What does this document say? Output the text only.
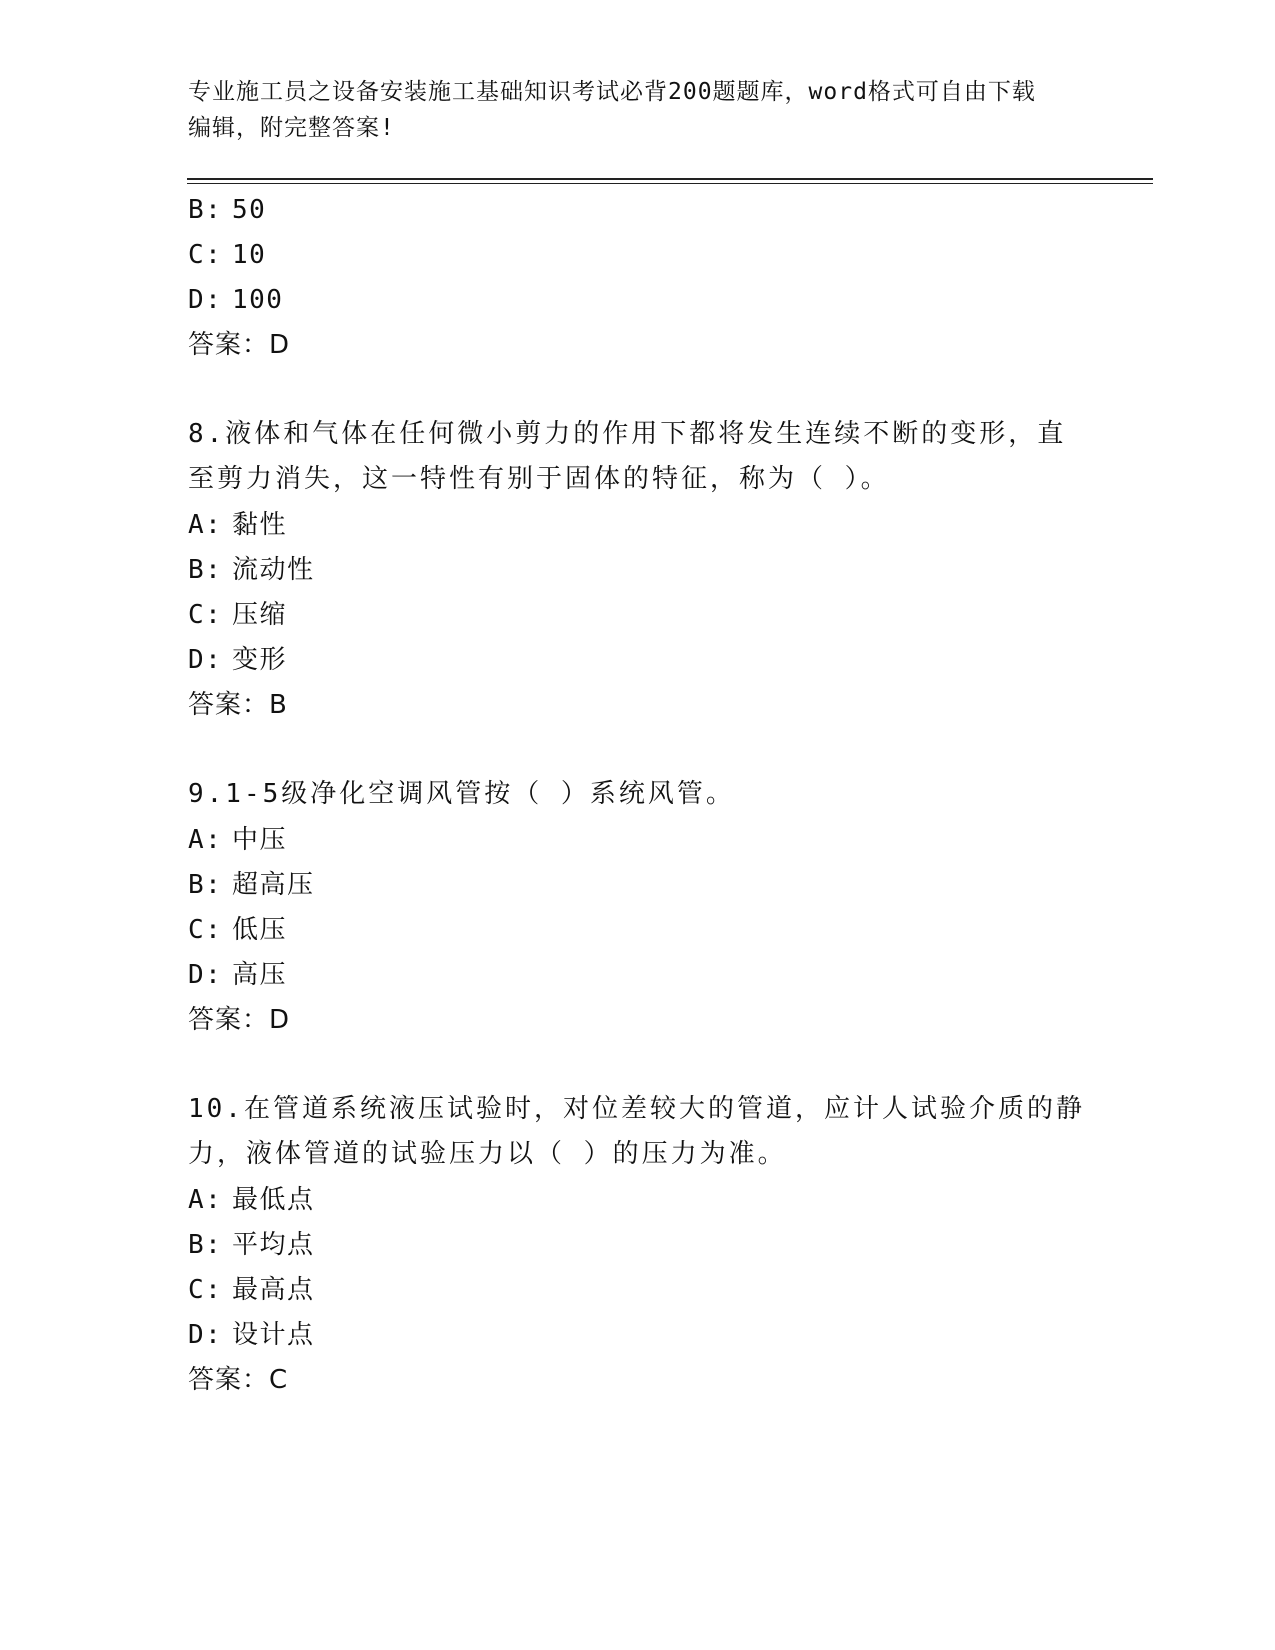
专业施工员之设备安装施工基础知识考试必背200题题库，word格式可自由下载
编辑，附完整答案!
B: 50
C: 10
D: 100
答案：D
8.液体和气体在任何微小剪力的作用下都将发生连续不断的变形，直至剪力消失，这一特性有别于固体的特征，称为（ ）。
A: 黏性
B: 流动性
C: 压缩
D: 变形
答案：B
9.1-5级净化空调风管按（ ）系统风管。
A: 中压
B: 超高压
C: 低压
D: 高压
答案：D
10.在管道系统液压试验时，对位差较大的管道，应计人试验介质的静力，液体管道的试验压力以（ ）的压力为准。
A: 最低点
B: 平均点
C: 最高点
D: 设计点
答案：C
